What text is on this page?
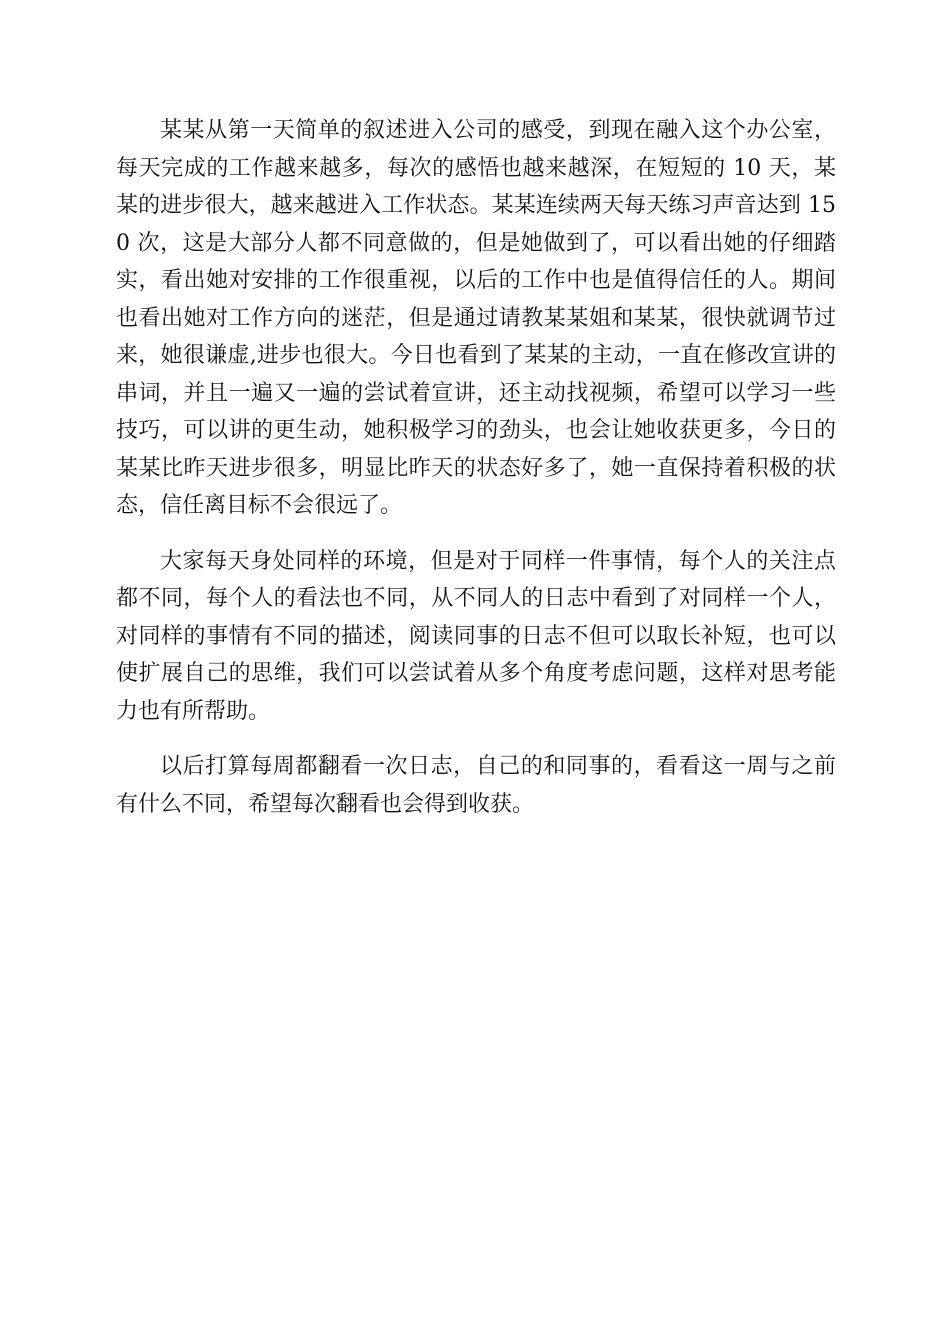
某某从第一天简单的叙述进入公司的感受，到现在融入这个办公室，每天完成的工作越来越多，每次的感悟也越来越深，在短短的 10 天，某某的进步很大，越来越进入工作状态。某某连续两天每天练习声音达到 150 次，这是大部分人都不同意做的，但是她做到了，可以看出她的仔细踏实，看出她对安排的工作很重视，以后的工作中也是值得信任的人。期间也看出她对工作方向的迷茫，但是通过请教某某姐和某某，很快就调节过来，她很谦虚,进步也很大。今日也看到了某某的主动，一直在修改宣讲的串词，并且一遍又一遍的尝试着宣讲，还主动找视频，希望可以学习一些技巧，可以讲的更生动，她积极学习的劲头，也会让她收获更多，今日的某某比昨天进步很多，明显比昨天的状态好多了，她一直保持着积极的状态，信任离目标不会很远了。

大家每天身处同样的环境，但是对于同样一件事情，每个人的关注点都不同，每个人的看法也不同，从不同人的日志中看到了对同样一个人，对同样的事情有不同的描述，阅读同事的日志不但可以取长补短，也可以使扩展自己的思维，我们可以尝试着从多个角度考虑问题，这样对思考能力也有所帮助。

以后打算每周都翻看一次日志，自己的和同事的，看看这一周与之前有什么不同，希望每次翻看也会得到收获。
